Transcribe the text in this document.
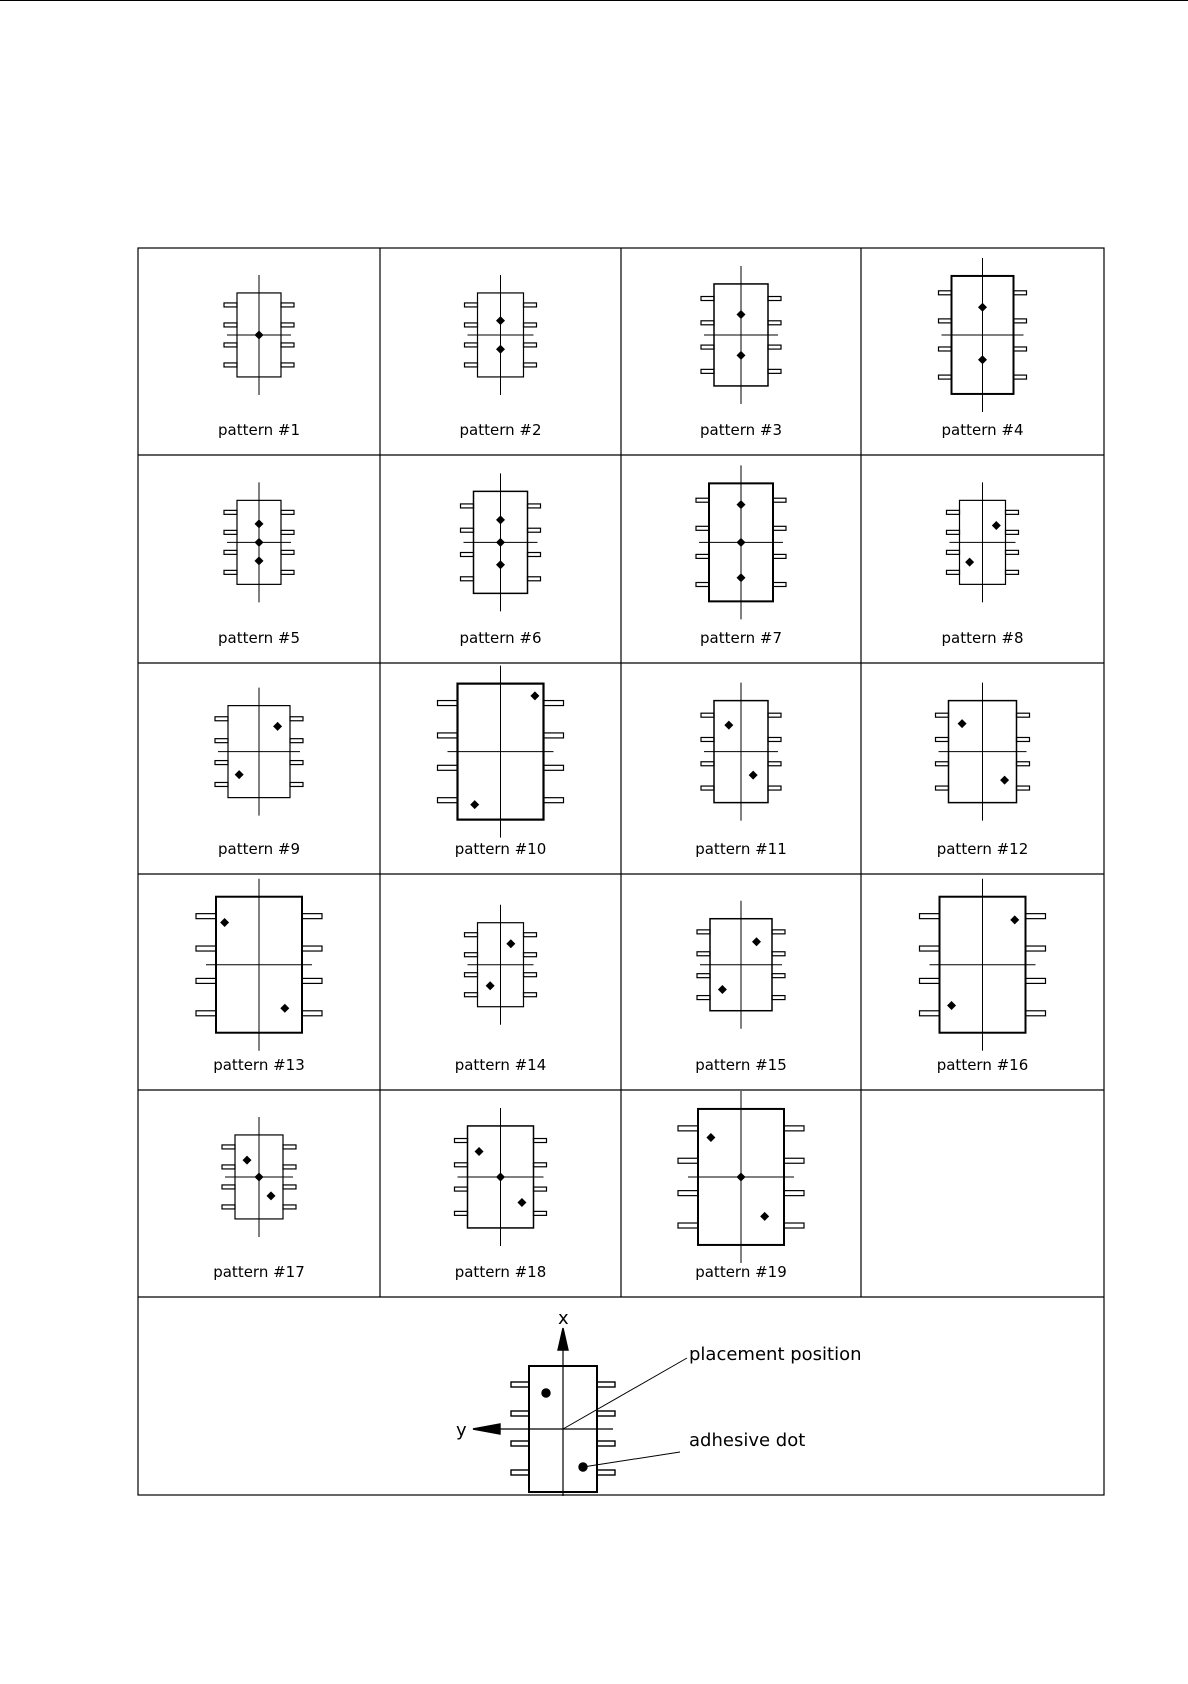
pattern #1	pattern #2	pattern #3	pattern #4
pattern #5	pattern #6	pattern #7	pattern #8
pattern #9	pattern #10	pattern #11	pattern #12
pattern #13	pattern #14	pattern #15	pattern #16
pattern #17	pattern #18	pattern #19
x
y
placement position
adhesive dot
